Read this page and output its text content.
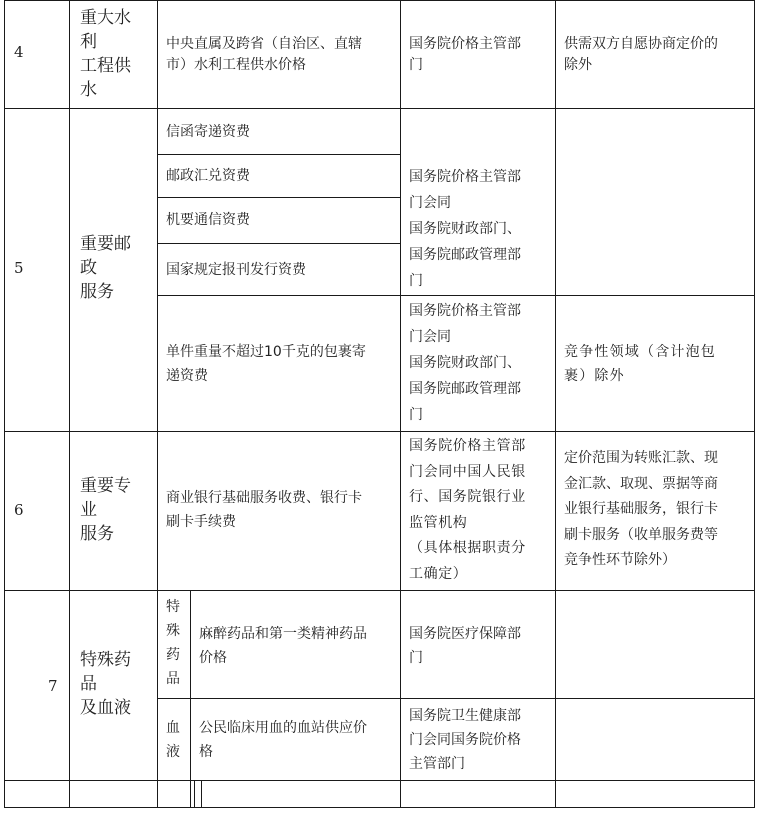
4
重大水
利
工程供
水
中央直属及跨省（自治区、直辖
市）水利工程供水价格
国务院价格主管部
门
供需双方自愿协商定价的
除外
5
重要邮
政
服务
信函寄递资费
邮政汇兑资费
机要通信资费
国家规定报刊发行资费
国务院价格主管部
门会同
国务院财政部门、
国务院邮政管理部
门
单件重量不超过10千克的包裹寄
递资费
国务院价格主管部
门会同
国务院财政部门、
国务院邮政管理部
门
竞争性领域（含计泡包
裹）除外
6
重要专
业
服务
商业银行基础服务收费、银行卡
刷卡手续费
国务院价格主管部
门会同中国人民银
行、国务院银行业
监管机构
（具体根据职责分
工确定）
定价范围为转账汇款、现
金汇款、取现、票据等商
业银行基础服务，银行卡
刷卡服务（收单服务费等
竞争性环节除外）
7
特殊药
品
及血液
特
殊
药
品
麻醉药品和第一类精神药品
价格
国务院医疗保障部
门
血
液
公民临床用血的血站供应价
格
国务院卫生健康部
门会同国务院价格
主管部门
